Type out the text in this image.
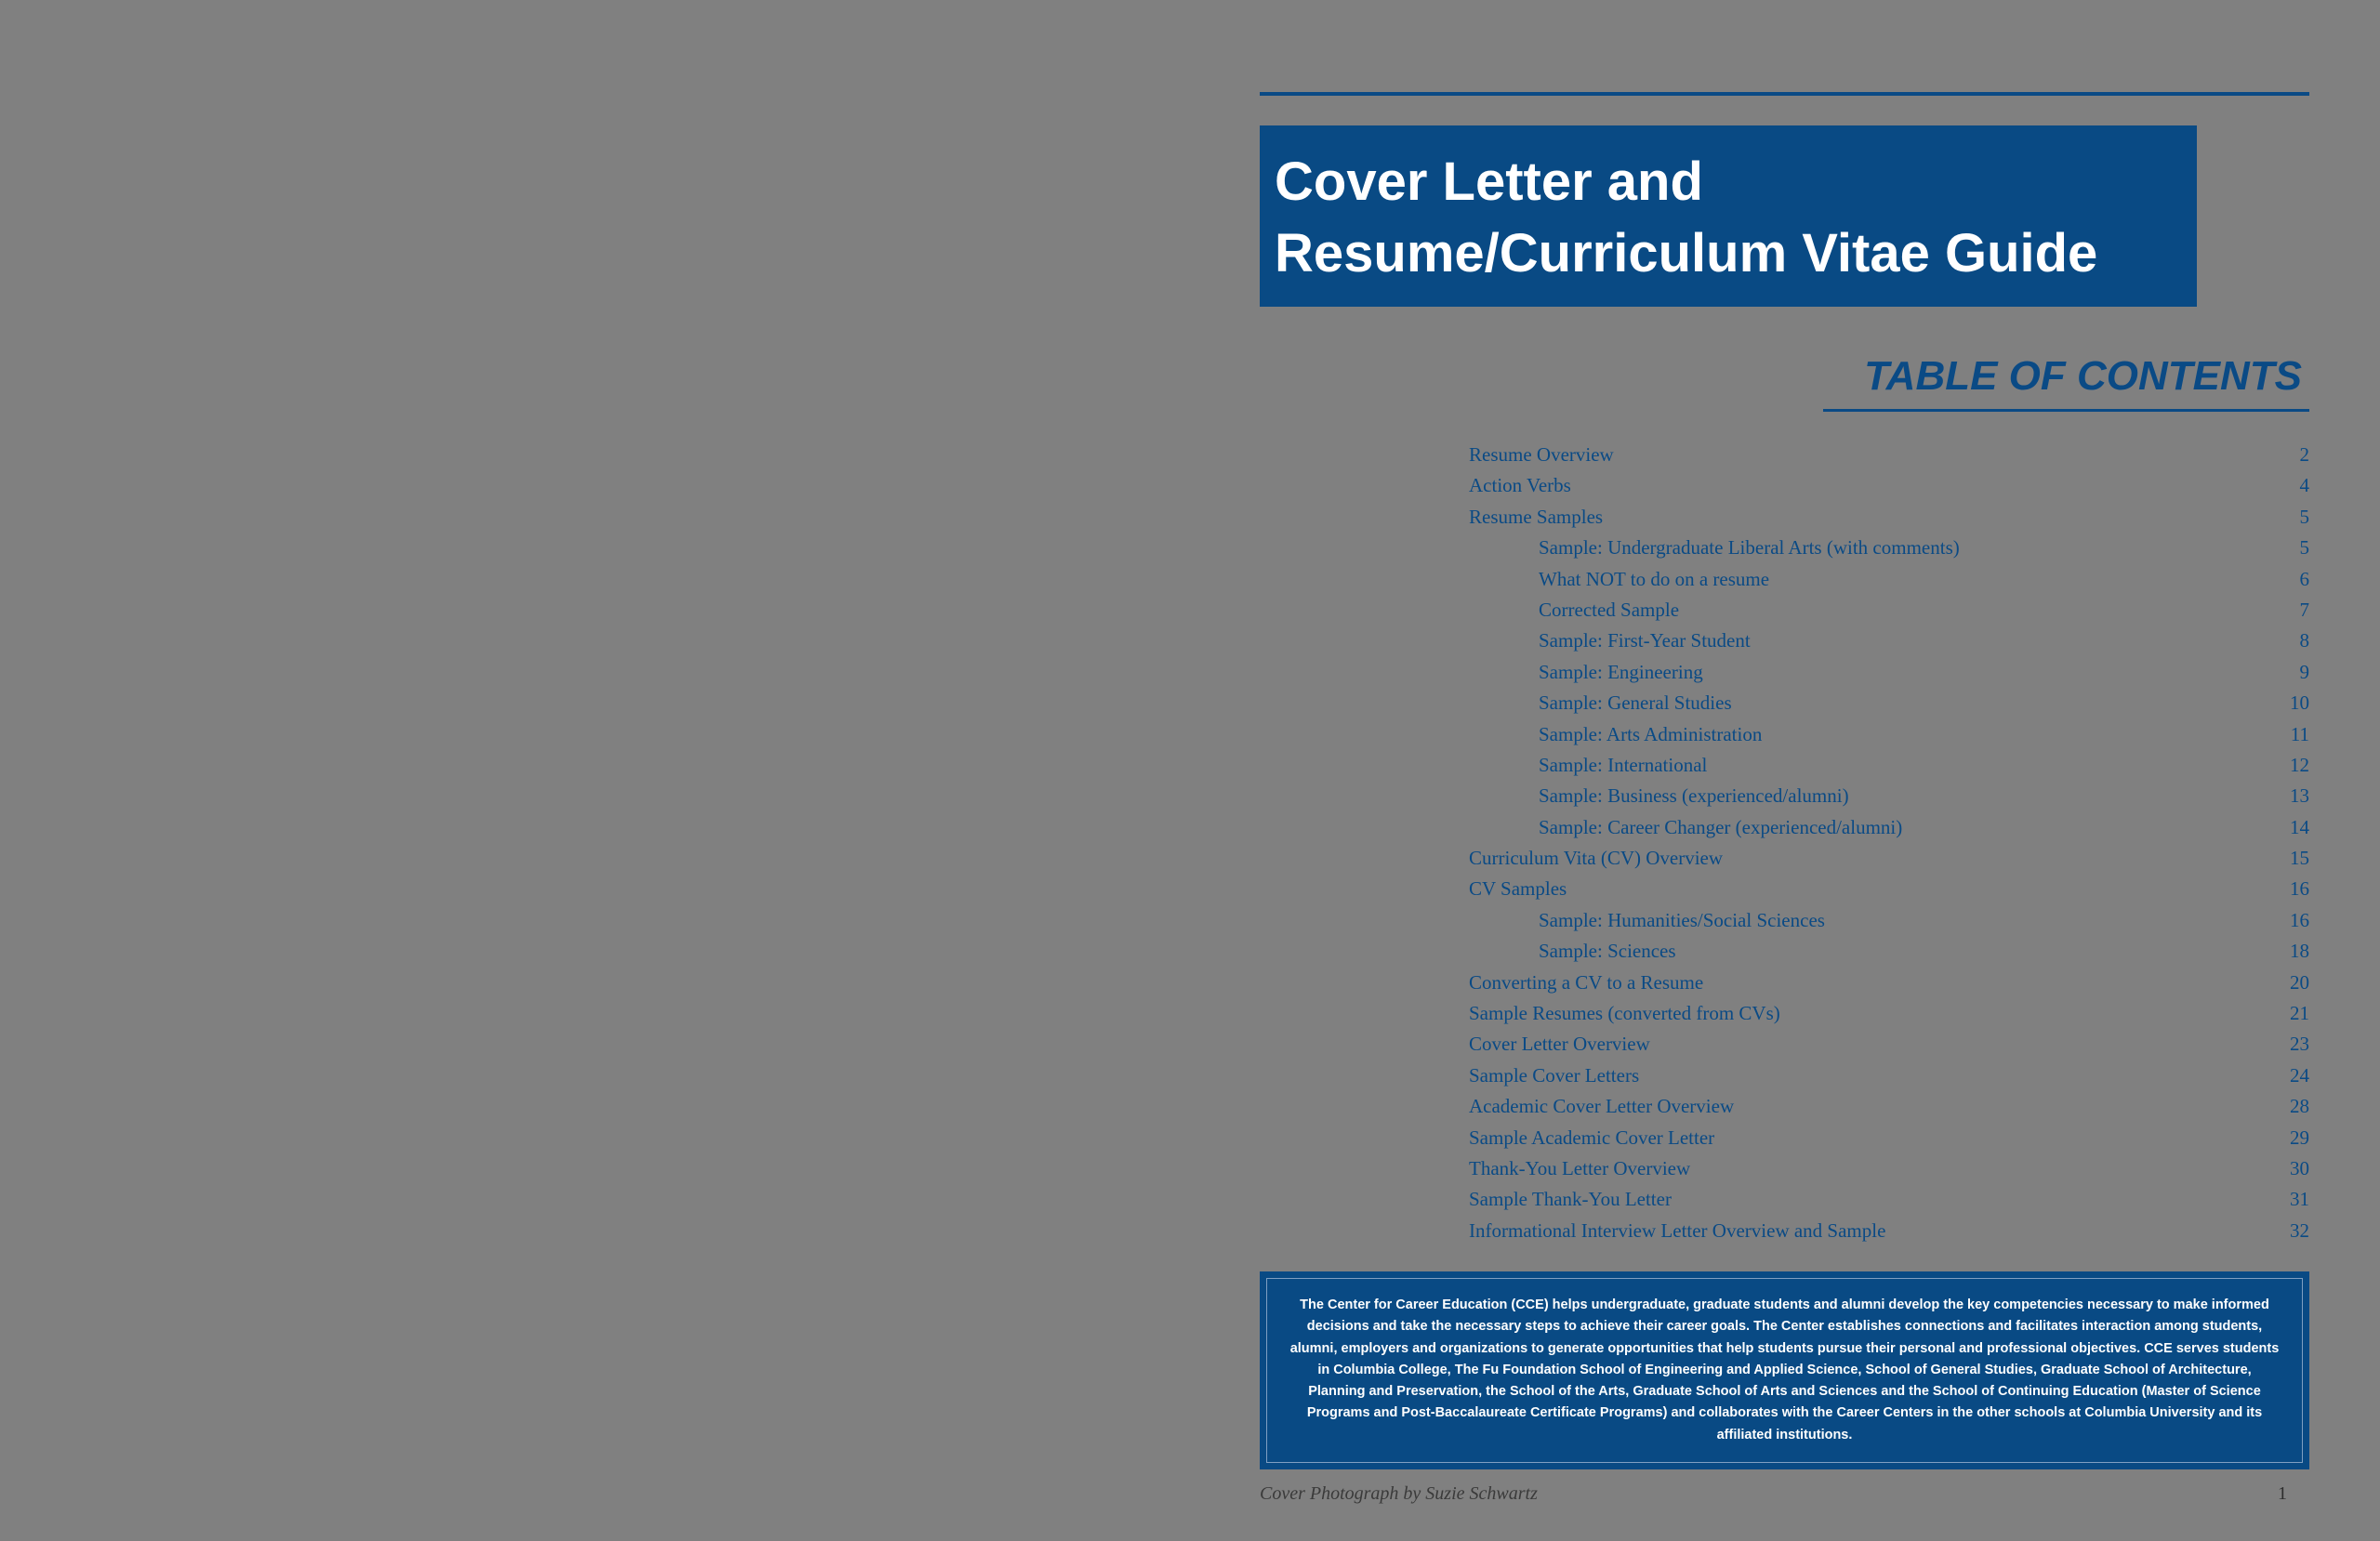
Cover Letter and
Resume/Curriculum Vitae Guide
TABLE OF CONTENTS
Resume Overview	2
Action Verbs	4
Resume Samples	5
Sample: Undergraduate Liberal Arts (with comments)	5
What NOT to do on a resume	6
Corrected Sample	7
Sample: First-Year Student	8
Sample: Engineering	9
Sample: General Studies	10
Sample: Arts Administration	11
Sample: International	12
Sample: Business (experienced/alumni)	13
Sample: Career Changer (experienced/alumni)	14
Curriculum Vita (CV) Overview	15
CV Samples	16
Sample: Humanities/Social Sciences	16
Sample: Sciences	18
Converting a CV to a Resume	20
Sample Resumes (converted from CVs)	21
Cover Letter Overview	23
Sample Cover Letters	24
Academic Cover Letter Overview	28
Sample Academic Cover Letter	29
Thank-You Letter Overview	30
Sample Thank-You Letter	31
Informational Interview Letter Overview and Sample	32

The Center for Career Education (CCE) helps undergraduate, graduate students and alumni develop the key competencies necessary to make informed decisions and take the necessary steps to achieve their career goals. The Center establishes connections and facilitates interaction among students, alumni, employers and organizations to generate opportunities that help students pursue their personal and professional objectives. CCE serves students in Columbia College, The Fu Foundation School of Engineering and Applied Science, School of General Studies, Graduate School of Architecture, Planning and Preservation, the School of the Arts, Graduate School of Arts and Sciences and the School of Continuing Education (Master of Science Programs and Post-Baccalaureate Certificate Programs) and collaborates with the Career Centers in the other schools at Columbia University and its affiliated institutions.

Cover Photograph by Suzie Schwartz	1
